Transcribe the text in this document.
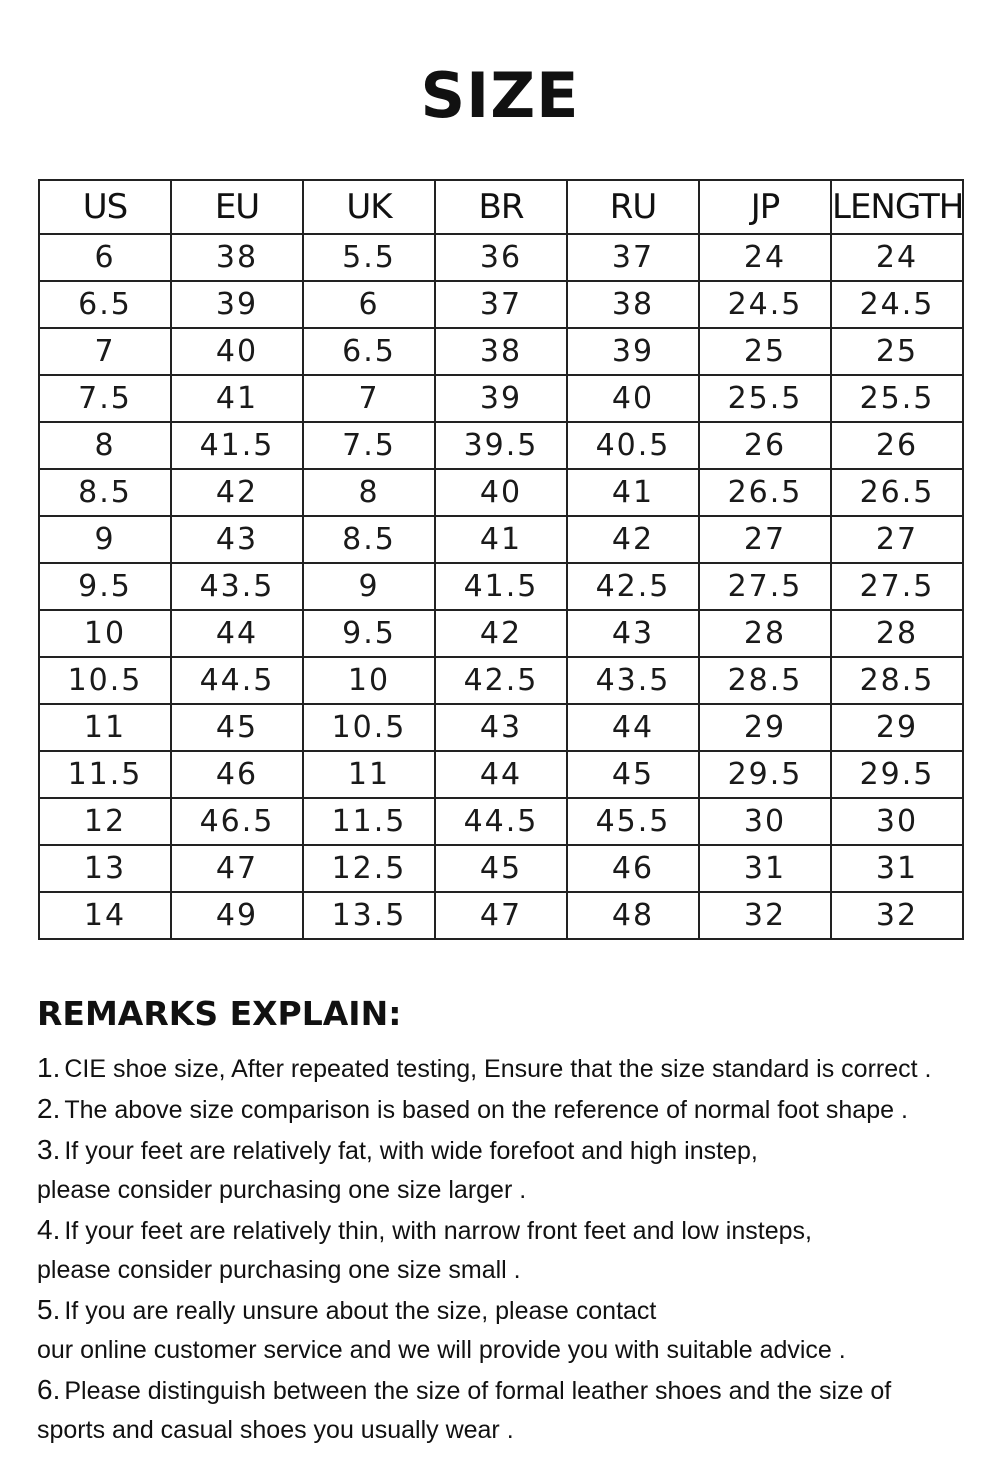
SIZE
US	EU	UK	BR	RU	JP	LENGTH
6	38	5.5	36	37	24	24
6.5	39	6	37	38	24.5	24.5
7	40	6.5	38	39	25	25
7.5	41	7	39	40	25.5	25.5
8	41.5	7.5	39.5	40.5	26	26
8.5	42	8	40	41	26.5	26.5
9	43	8.5	41	42	27	27
9.5	43.5	9	41.5	42.5	27.5	27.5
10	44	9.5	42	43	28	28
10.5	44.5	10	42.5	43.5	28.5	28.5
11	45	10.5	43	44	29	29
11.5	46	11	44	45	29.5	29.5
12	46.5	11.5	44.5	45.5	30	30
13	47	12.5	45	46	31	31
14	49	13.5	47	48	32	32
REMARKS EXPLAIN:
1. CIE shoe size, After repeated testing, Ensure that the size standard is correct .
2. The above size comparison is based on the reference of normal foot shape .
3. If your feet are relatively fat, with wide forefoot and high instep,
please consider purchasing one size larger .
4. If your feet are relatively thin, with narrow front feet and low insteps,
please consider purchasing one size small .
5. If you are really unsure about the size, please contact
our online customer service and we will provide you with suitable advice .
6. Please distinguish between the size of formal leather shoes and the size of
sports and casual shoes you usually wear .
